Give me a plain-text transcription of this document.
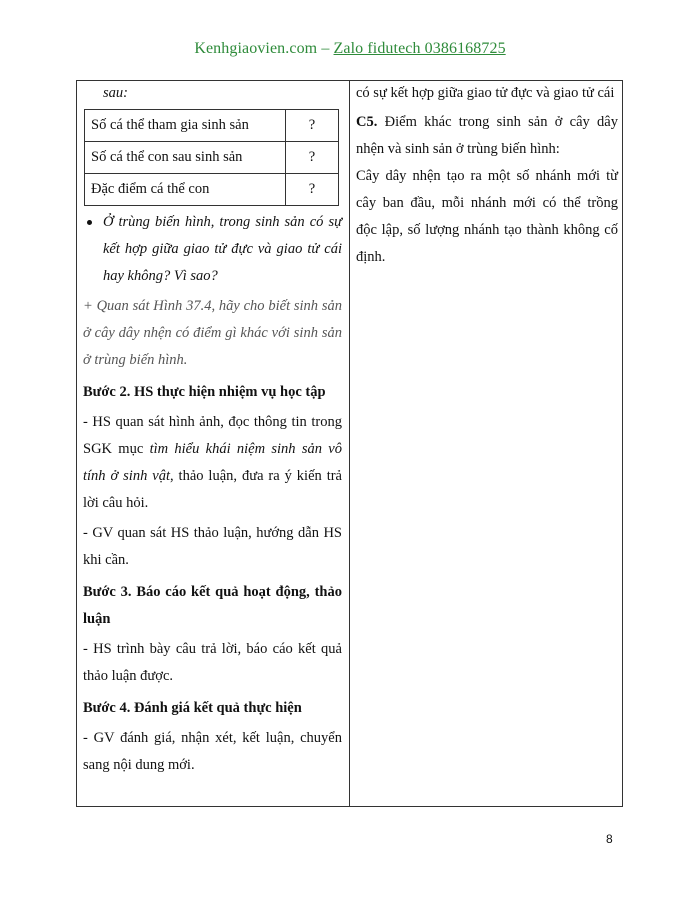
Kenhgiaovien.com – Zalo fidutech 0386168725

sau:

Số cá thể tham gia sinh sản	?
Số cá thể con sau sinh sản	?
Đặc điểm cá thể con	?

Ở trùng biến hình, trong sinh sản có sự kết hợp giữa giao tử đực và giao tử cái hay không? Vì sao?

+ Quan sát Hình 37.4, hãy cho biết sinh sản ở cây dây nhện có điểm gì khác với sinh sản ở trùng biến hình.

Bước 2. HS thực hiện nhiệm vụ học tập

- HS quan sát hình ảnh, đọc thông tin trong SGK mục tìm hiểu khái niệm sinh sản vô tính ở sinh vật, thảo luận, đưa ra ý kiến trả lời câu hỏi.

- GV quan sát HS thảo luận, hướng dẫn HS khi cần.

Bước 3. Báo cáo kết quả hoạt động, thảo luận

- HS trình bày câu trả lời, báo cáo kết quả thảo luận được.

Bước 4. Đánh giá kết quả thực hiện

- GV đánh giá, nhận xét, kết luận, chuyển sang nội dung mới.

có sự kết hợp giữa giao tử đực và giao tử cái

C5. Điểm khác trong sinh sản ở cây dây nhện và sinh sản ở trùng biến hình:

Cây dây nhện tạo ra một số nhánh mới từ cây ban đầu, mỗi nhánh mới có thể trồng độc lập, số lượng nhánh tạo thành không cố định.

8
